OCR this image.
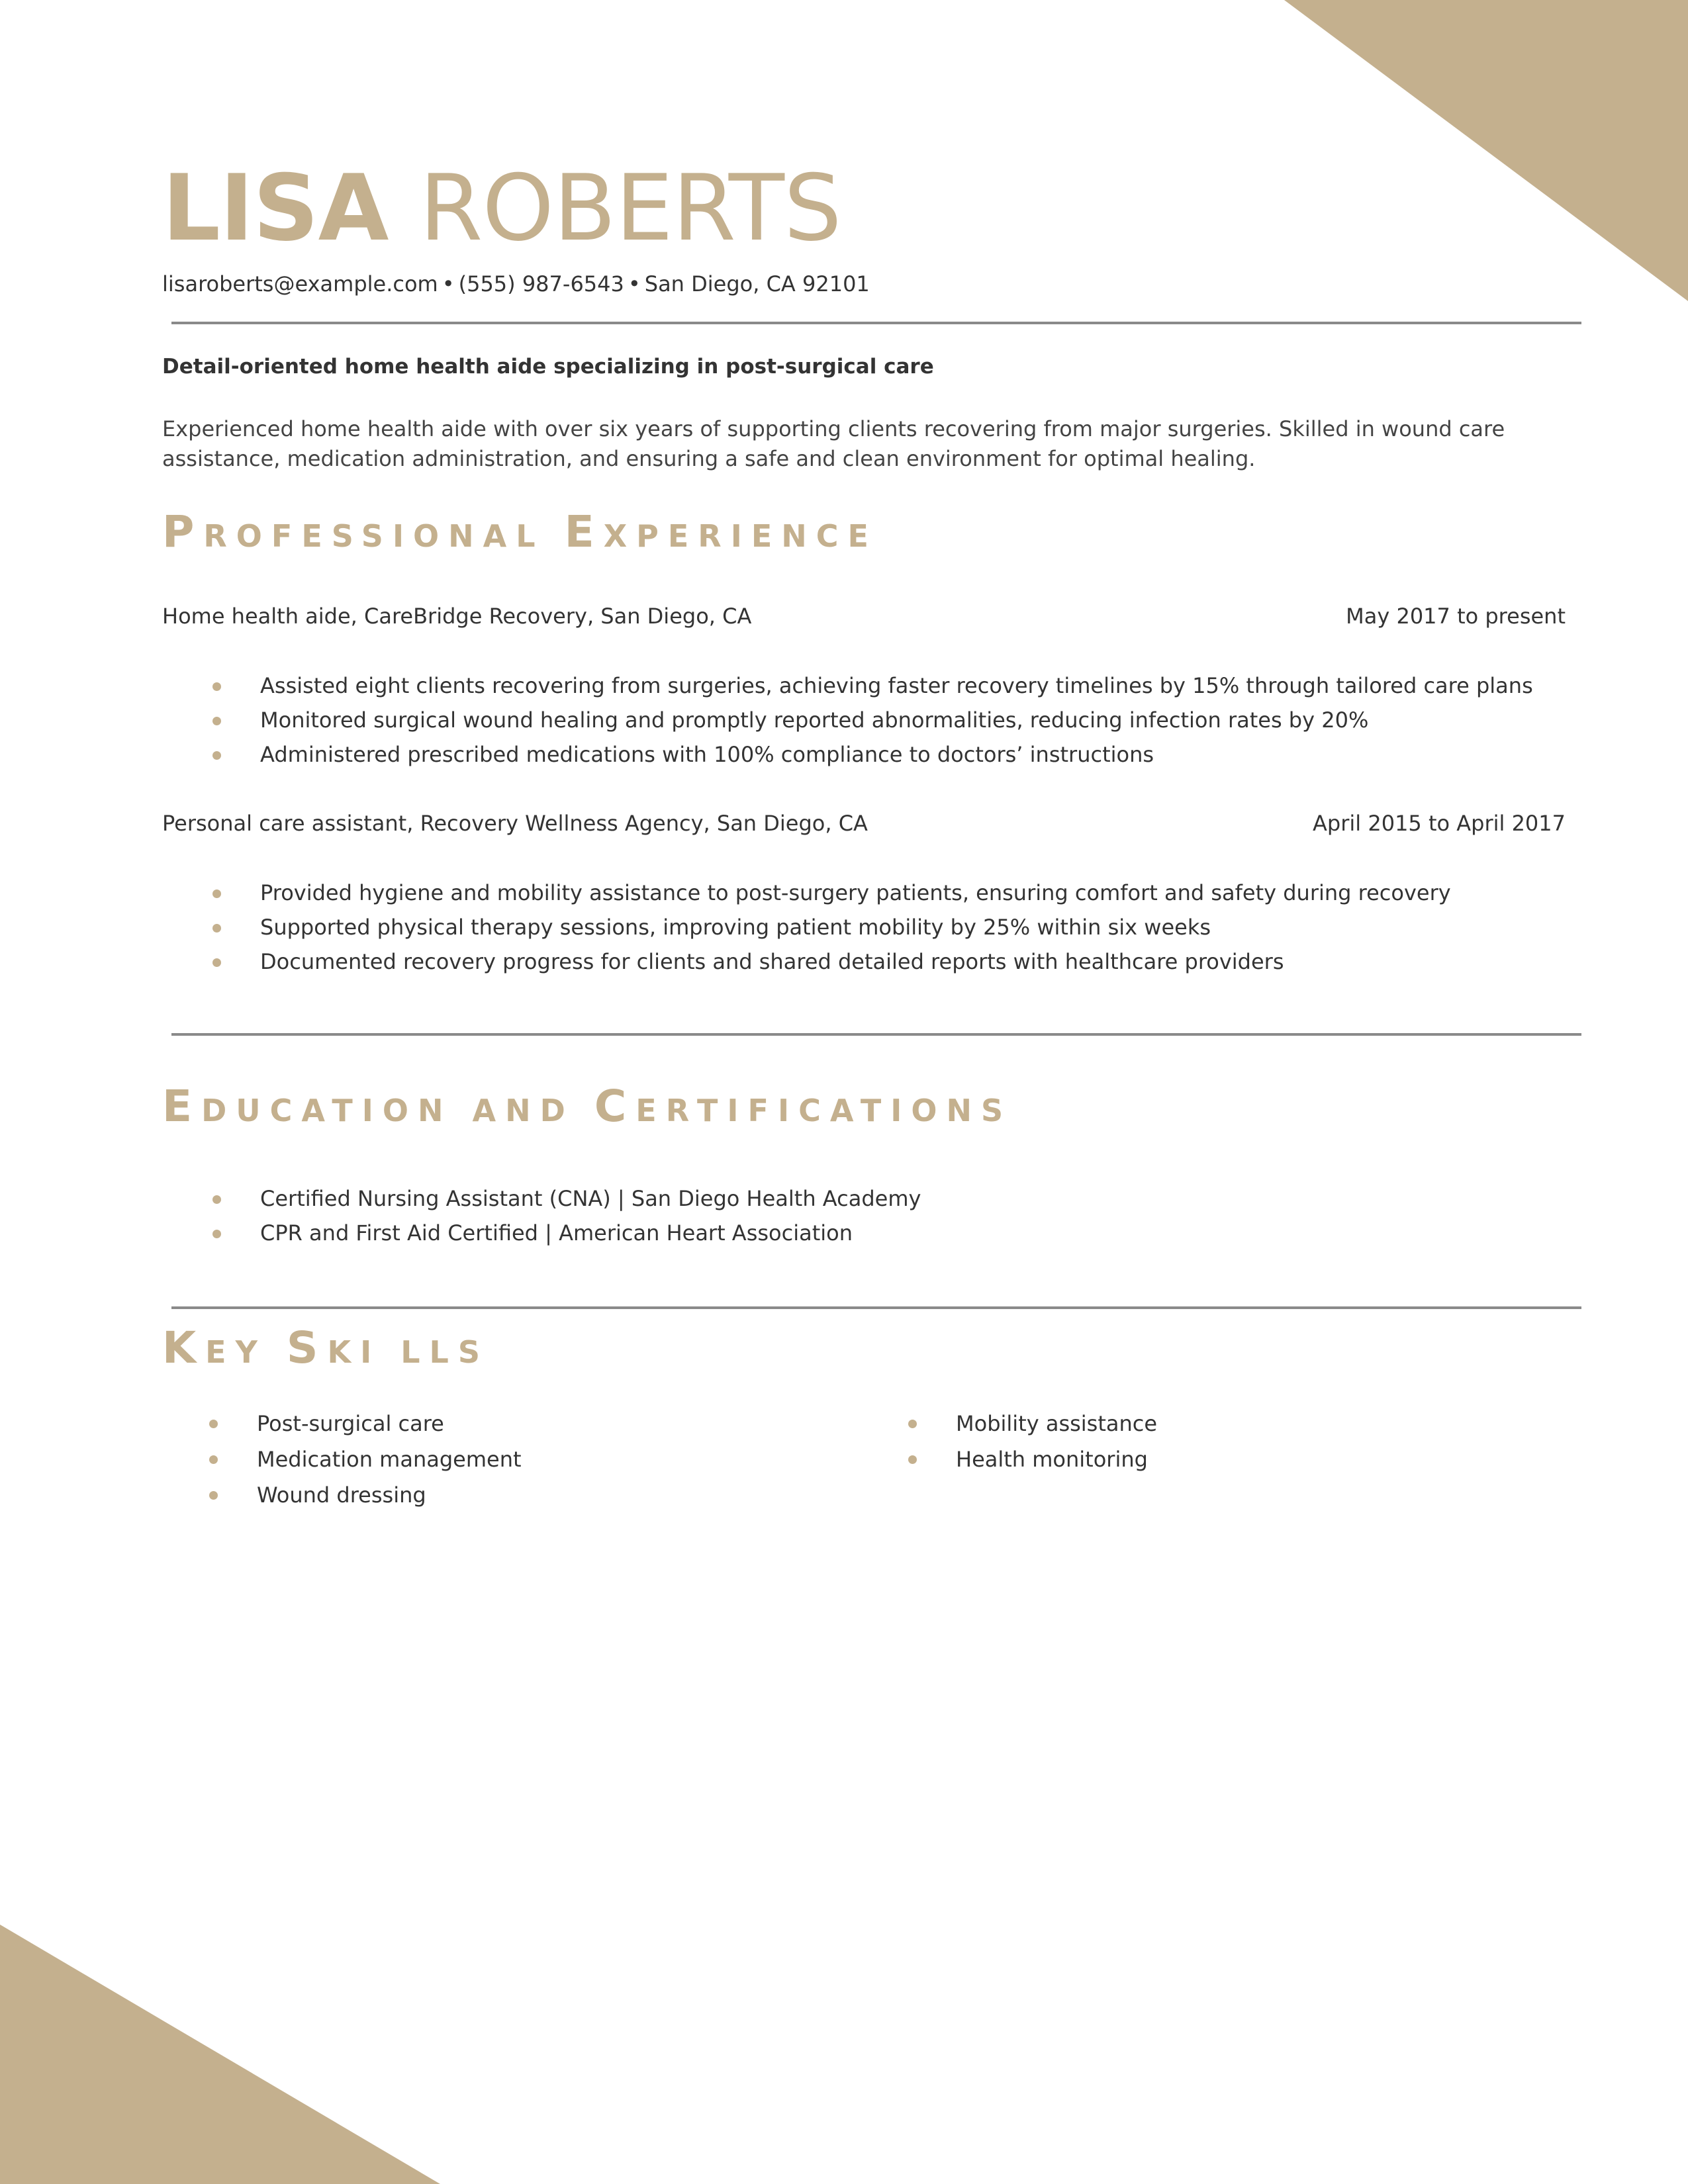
LISA ROBERTS
lisaroberts@example.com • (555) 987-6543 • San Diego, CA 92101
Detail-oriented home health aide specializing in post-surgical care
Experienced home health aide with over six years of supporting clients recovering from major surgeries. Skilled in wound care assistance, medication administration, and ensuring a safe and clean environment for optimal healing.
PROFESSIONAL EXPERIENCE
Home health aide, CareBridge Recovery, San Diego, CA	May 2017 to present
Assisted eight clients recovering from surgeries, achieving faster recovery timelines by 15% through tailored care plans
Monitored surgical wound healing and promptly reported abnormalities, reducing infection rates by 20%
Administered prescribed medications with 100% compliance to doctors’ instructions
Personal care assistant, Recovery Wellness Agency, San Diego, CA	April 2015 to April 2017
Provided hygiene and mobility assistance to post-surgery patients, ensuring comfort and safety during recovery
Supported physical therapy sessions, improving patient mobility by 25% within six weeks
Documented recovery progress for clients and shared detailed reports with healthcare providers
EDUCATION AND CERTIFICATIONS
Certified Nursing Assistant (CNA) | San Diego Health Academy
CPR and First Aid Certified | American Heart Association
KEY SKI LLS
Post-surgical care
Medication management
Wound dressing
Mobility assistance
Health monitoring
